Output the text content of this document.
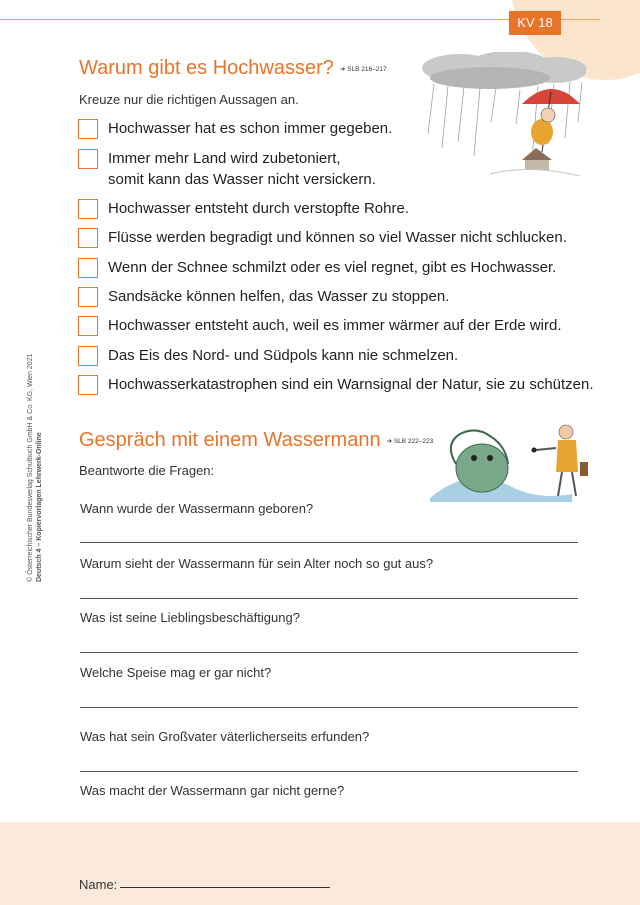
KV 18
© Österreichischer Bundesverlag Schulbuch GmbH & Co. KG, Wien 2021 Deutsch 4 – Kopiervorlagen Lehrwerk-Online
Warum gibt es Hochwasser? ➔ SLB 216–217
Kreuze nur die richtigen Aussagen an.
Hochwasser hat es schon immer gegeben.
Immer mehr Land wird zubetoniert,
somit kann das Wasser nicht versickern.
Hochwasser entsteht durch verstopfte Rohre.
Flüsse werden begradigt und können so viel Wasser nicht schlucken.
Wenn der Schnee schmilzt oder es viel regnet, gibt es Hochwasser.
Sandsäcke können helfen, das Wasser zu stoppen.
Hochwasser entsteht auch, weil es immer wärmer auf der Erde wird.
Das Eis des Nord- und Südpols kann nie schmelzen.
Hochwasserkatastrophen sind ein Warnsignal der Natur, sie zu schützen.
Gespräch mit einem Wassermann ➔ SLB 222–223
Beantworte die Fragen:
Wann wurde der Wassermann geboren?
Warum sieht der Wassermann für sein Alter noch so gut aus?
Was ist seine Lieblingsbeschäftigung?
Welche Speise mag er gar nicht?
Was hat sein Großvater väterlicherseits erfunden?
Was macht der Wassermann gar nicht gerne?
Name:
